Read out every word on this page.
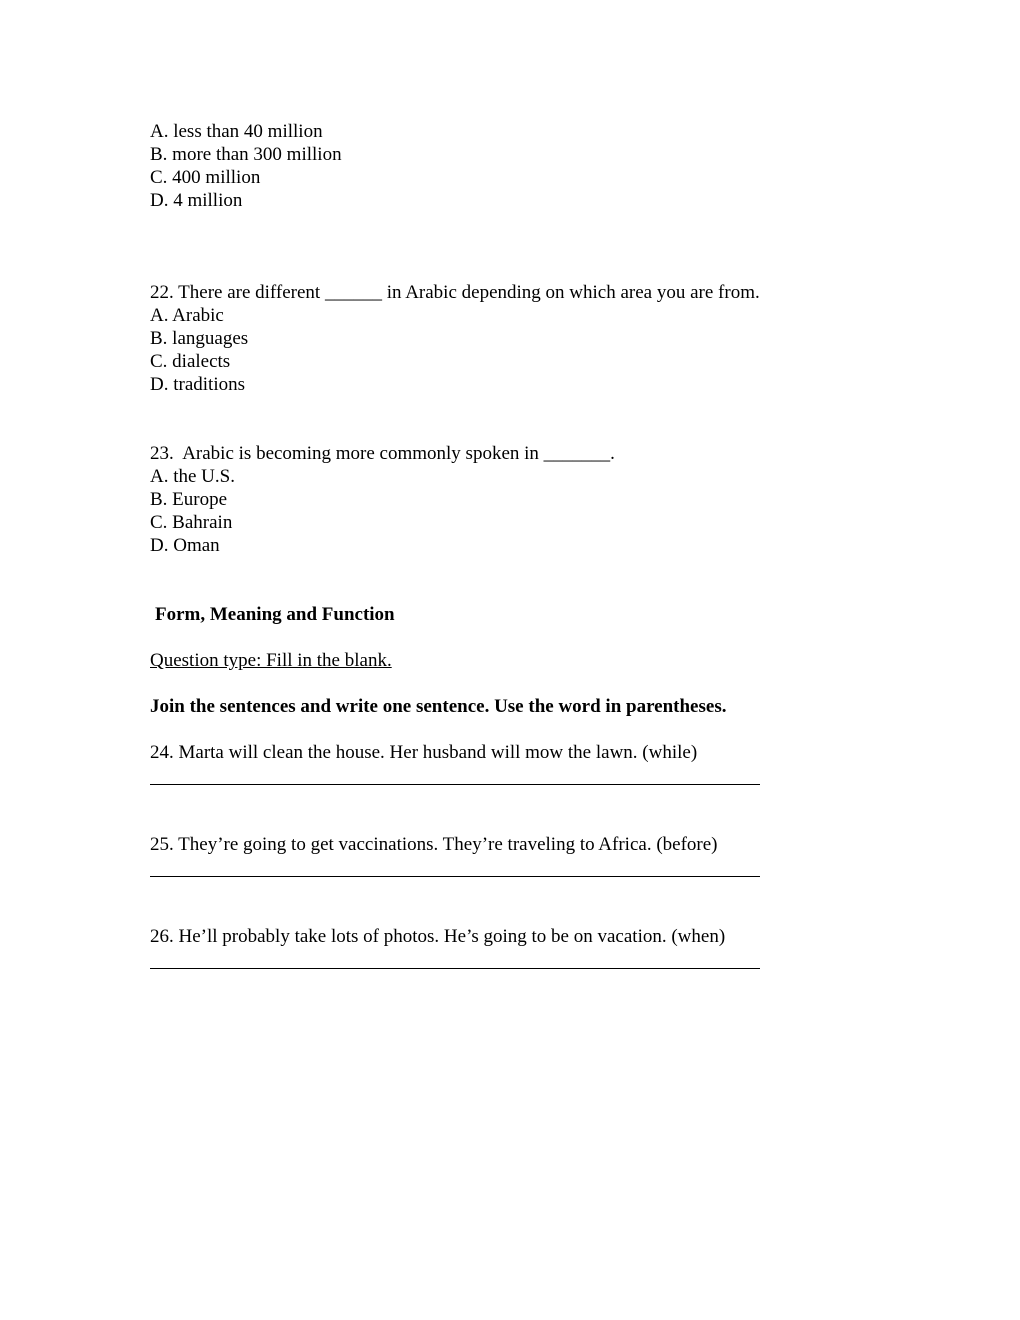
A. less than 40 million
B. more than 300 million
C. 400 million
D. 4 million
22. There are different ______ in Arabic depending on which area you are from.
A. Arabic
B. languages
C. dialects
D. traditions
23.  Arabic is becoming more commonly spoken in _______.
A. the U.S.
B. Europe
C. Bahrain
D. Oman
Form, Meaning and Function
Question type: Fill in the blank.
Join the sentences and write one sentence. Use the word in parentheses.
24. Marta will clean the house. Her husband will mow the lawn. (while)
25. They’re going to get vaccinations. They’re traveling to Africa. (before)
26. He’ll probably take lots of photos. He’s going to be on vacation. (when)
